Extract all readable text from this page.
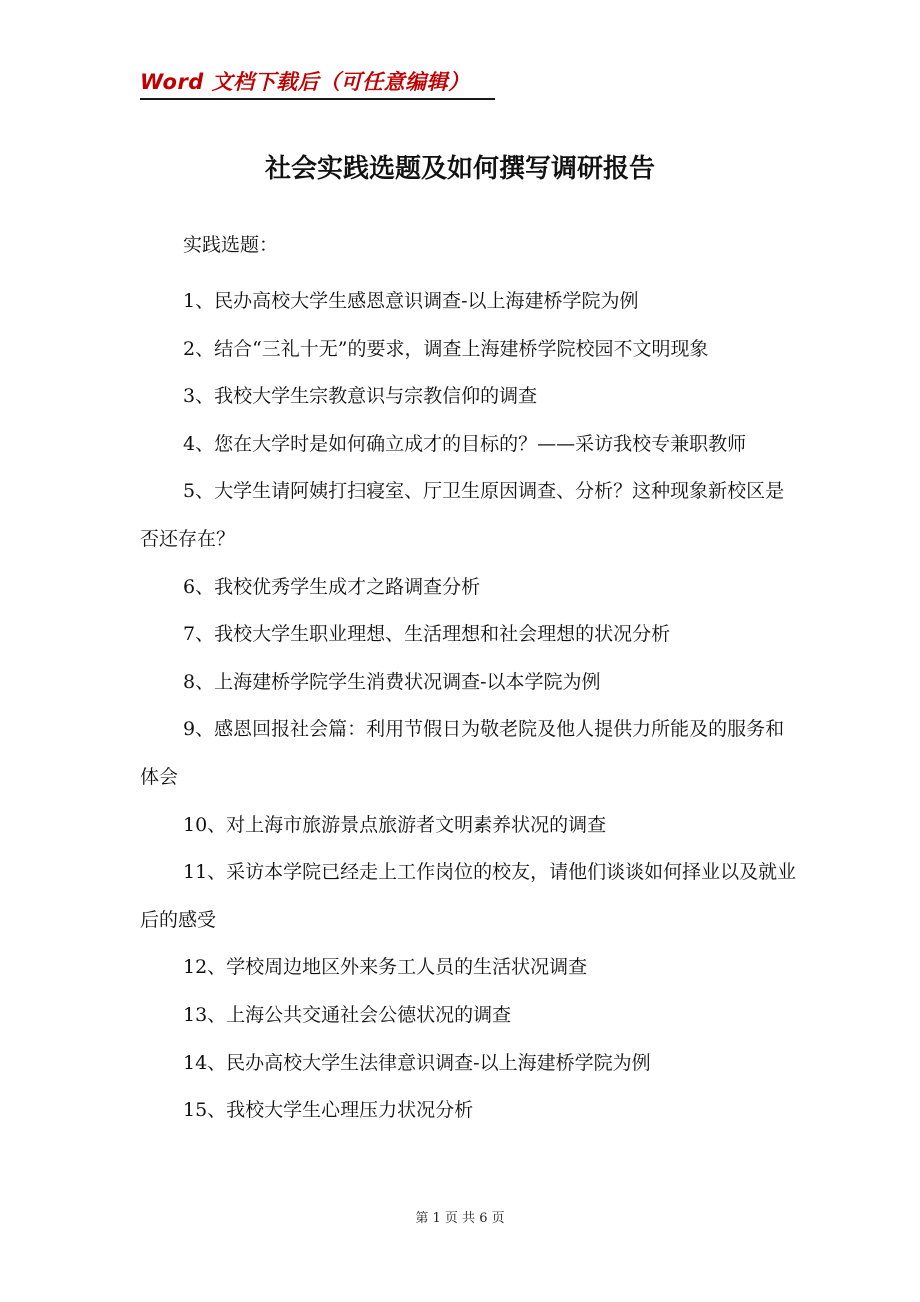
Word 文档下载后（可任意编辑）
社会实践选题及如何撰写调研报告
实践选题：
1、民办高校大学生感恩意识调查-以上海建桥学院为例
2、结合“三礼十无”的要求，调查上海建桥学院校园不文明现象
3、我校大学生宗教意识与宗教信仰的调查
4、您在大学时是如何确立成才的目标的？——采访我校专兼职教师
5、大学生请阿姨打扫寝室、厅卫生原因调查、分析？这种现象新校区是否还存在？
6、我校优秀学生成才之路调查分析
7、我校大学生职业理想、生活理想和社会理想的状况分析
8、上海建桥学院学生消费状况调查-以本学院为例
9、感恩回报社会篇：利用节假日为敬老院及他人提供力所能及的服务和体会
10、对上海市旅游景点旅游者文明素养状况的调查
11、采访本学院已经走上工作岗位的校友，请他们谈谈如何择业以及就业后的感受
12、学校周边地区外来务工人员的生活状况调查
13、上海公共交通社会公德状况的调查
14、民办高校大学生法律意识调查-以上海建桥学院为例
15、我校大学生心理压力状况分析
第 1 页 共 6 页
